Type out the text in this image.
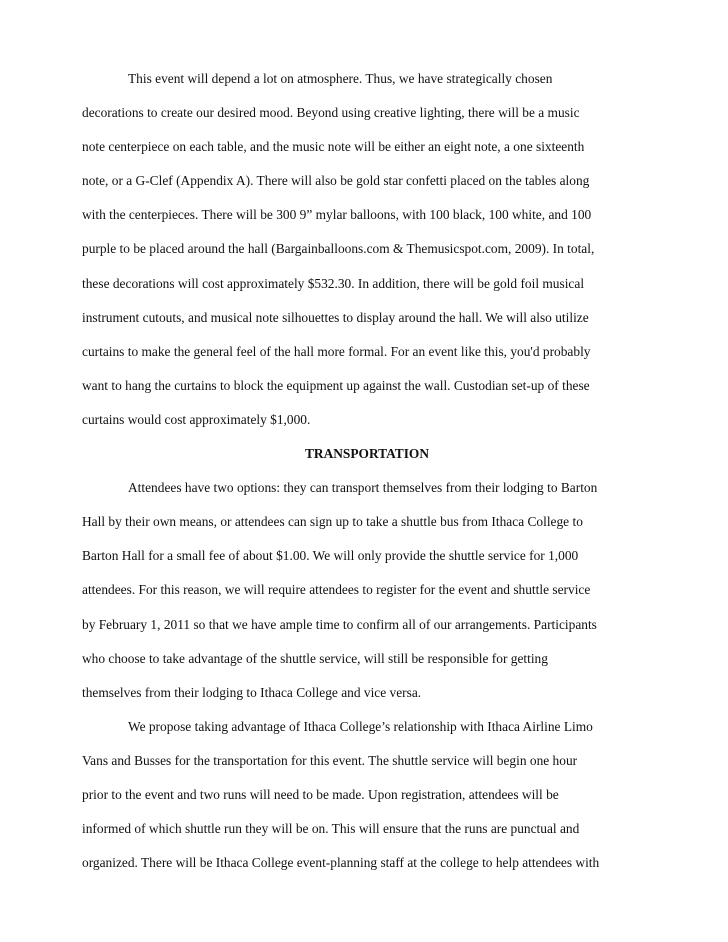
This event will depend a lot on atmosphere. Thus, we have strategically chosen
decorations to create our desired mood. Beyond using creative lighting, there will be a music
note centerpiece on each table, and the music note will be either an eight note, a one sixteenth
note, or a G-Clef (Appendix A). There will also be gold star confetti placed on the tables along
with the centerpieces. There will be 300 9” mylar balloons, with 100 black, 100 white, and 100
purple to be placed around the hall (Bargainballoons.com & Themusicspot.com, 2009). In total,
these decorations will cost approximately $532.30. In addition, there will be gold foil musical
instrument cutouts, and musical note silhouettes to display around the hall. We will also utilize
curtains to make the general feel of the hall more formal. For an event like this, you'd probably
want to hang the curtains to block the equipment up against the wall. Custodian set-up of these
curtains would cost approximately $1,000.
TRANSPORTATION
Attendees have two options: they can transport themselves from their lodging to Barton
Hall by their own means, or attendees can sign up to take a shuttle bus from Ithaca College to
Barton Hall for a small fee of about $1.00. We will only provide the shuttle service for 1,000
attendees. For this reason, we will require attendees to register for the event and shuttle service
by February 1, 2011 so that we have ample time to confirm all of our arrangements. Participants
who choose to take advantage of the shuttle service, will still be responsible for getting
themselves from their lodging to Ithaca College and vice versa.
We propose taking advantage of Ithaca College’s relationship with Ithaca Airline Limo
Vans and Busses for the transportation for this event. The shuttle service will begin one hour
prior to the event and two runs will need to be made. Upon registration, attendees will be
informed of which shuttle run they will be on. This will ensure that the runs are punctual and
organized. There will be Ithaca College event-planning staff at the college to help attendees with
